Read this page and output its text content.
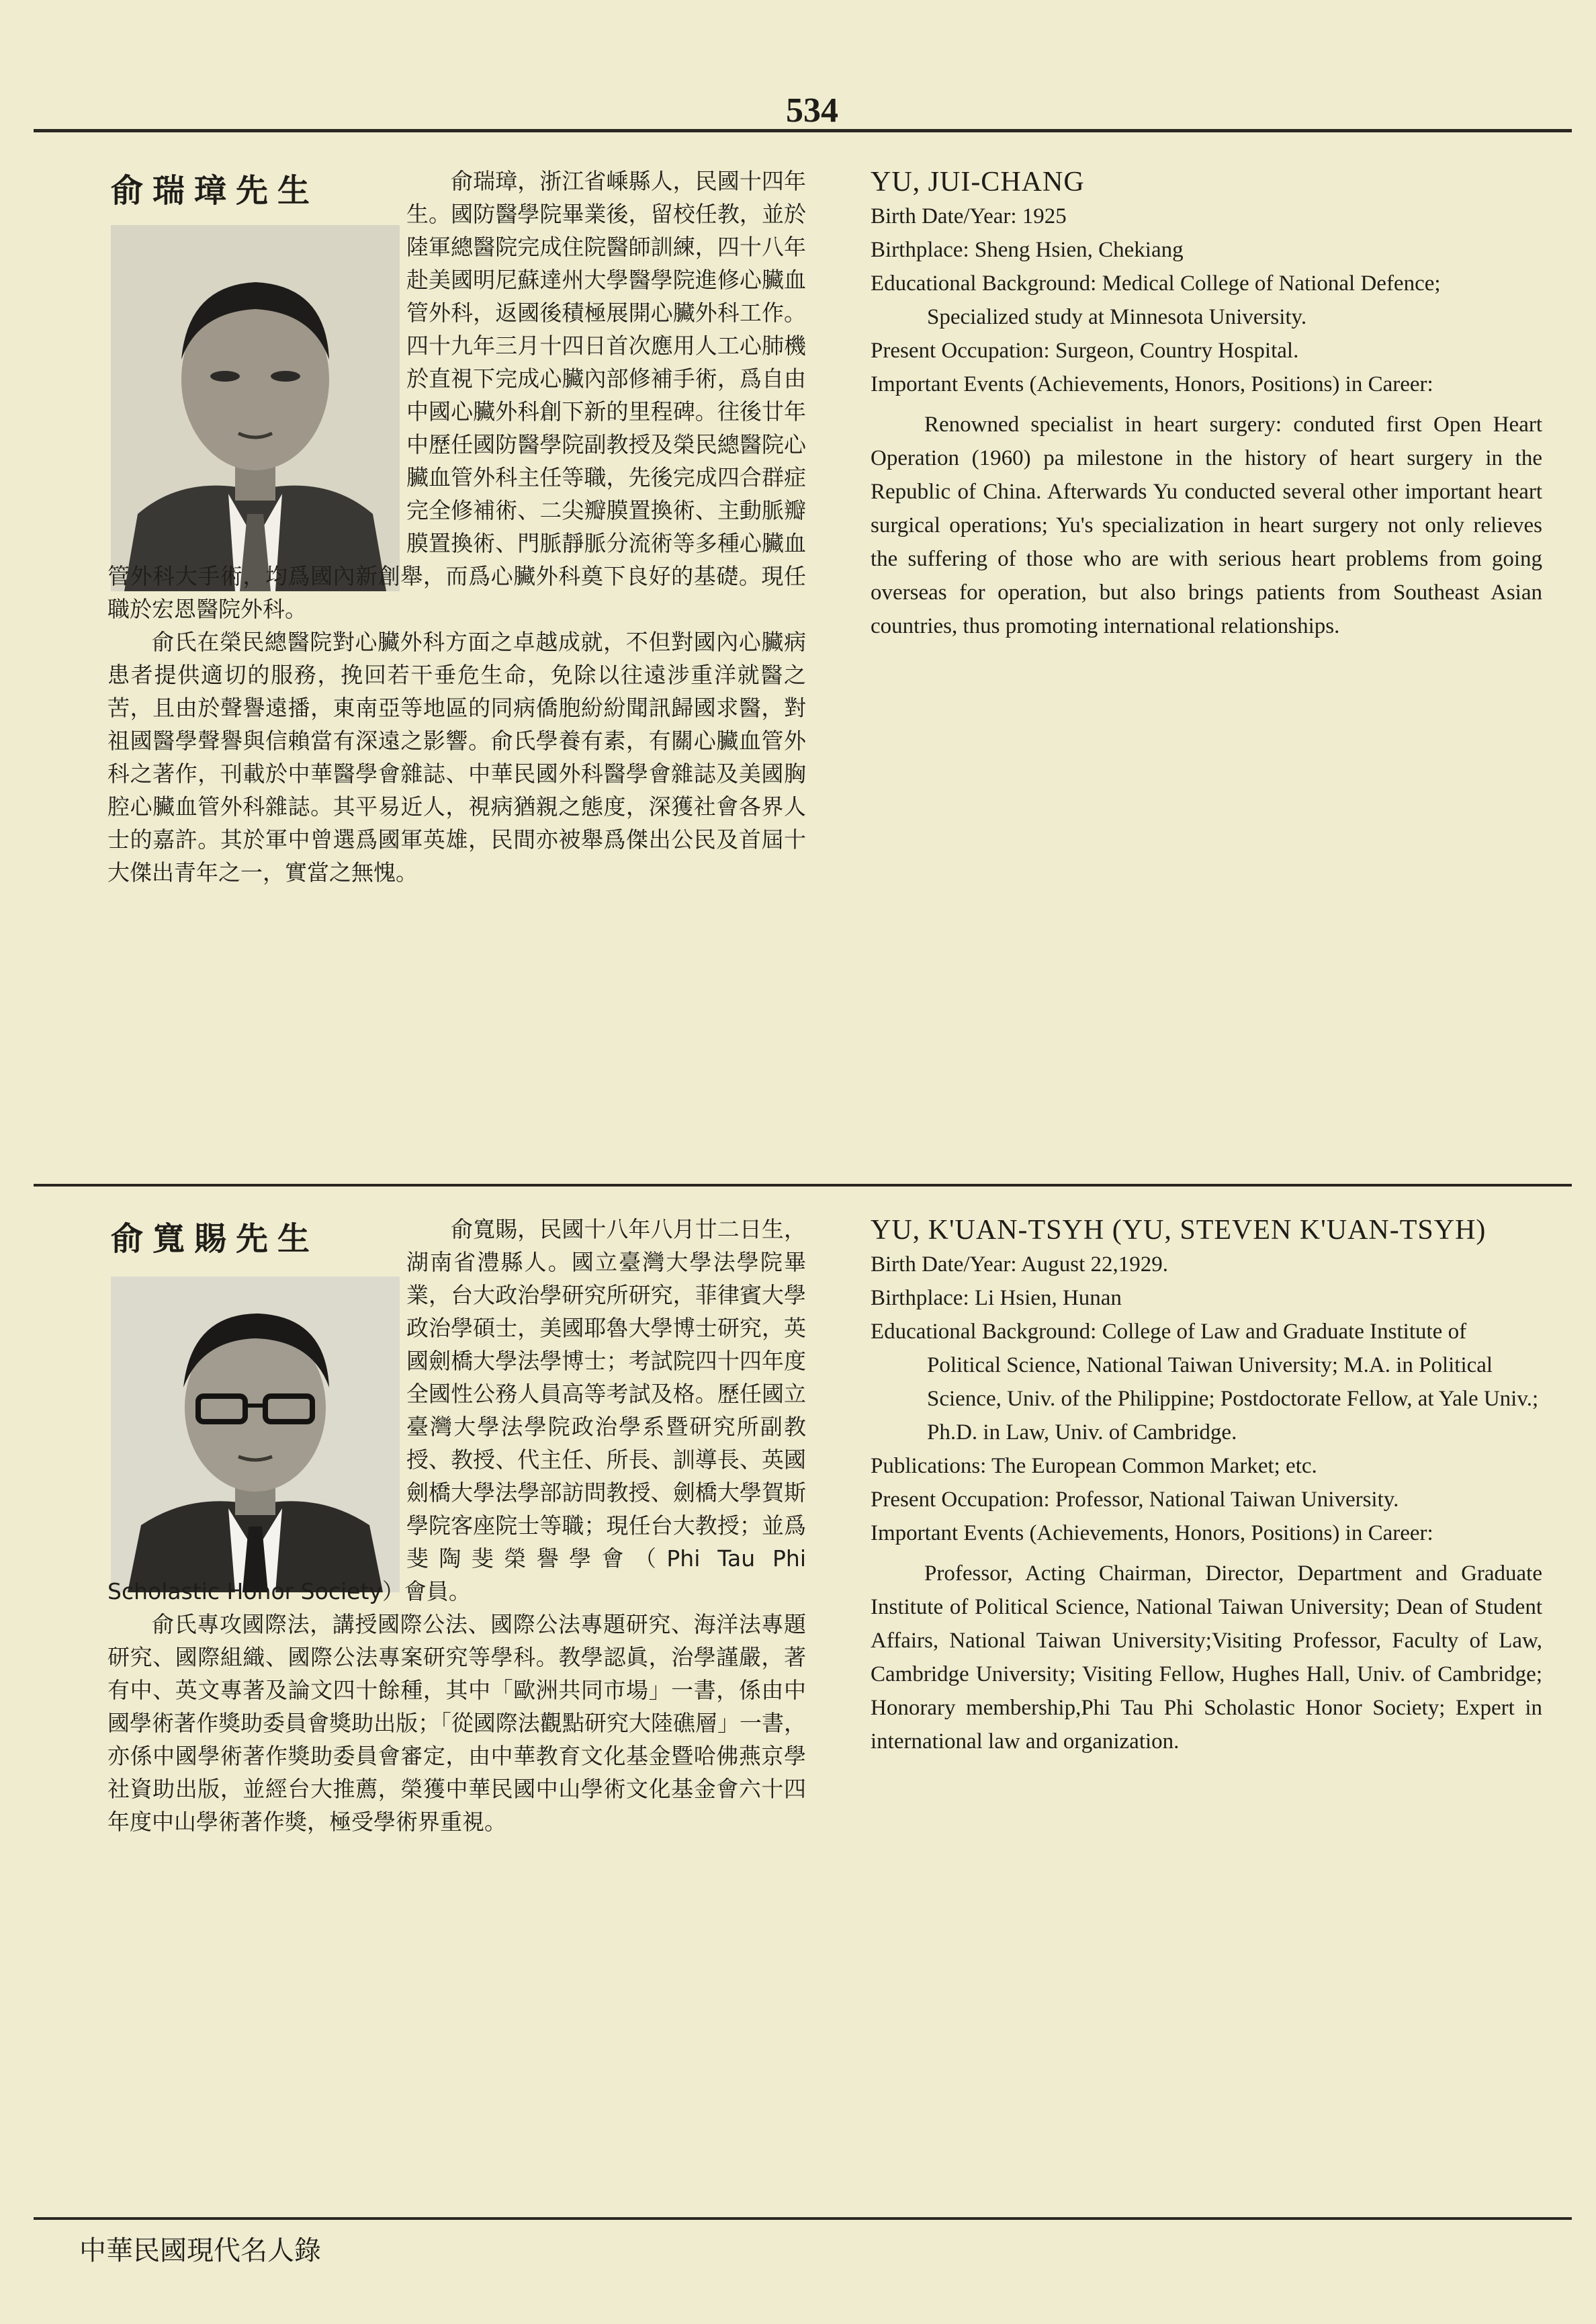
534
俞瑞璋先生	俞瑞璋，浙江省嵊縣人，民國十四年生。國防醫學院畢業後，留校任教，並於陸軍總醫院完成住院醫師訓練，四十八年赴美國明尼蘇達州大學醫學院進修心臟血管外科，返國後積極展開心臟外科工作。四十九年三月十四日首次應用人工心肺機於直視下完成心臟內部修補手術，爲自由中國心臟外科創下新的里程碑。往後廿年中歷任國防醫學院副教授及榮民總醫院心臟血管外科主任等職，先後完成四合群症完全修補術、二尖瓣膜置換術、主動脈瓣膜置換術、門脈靜脈分流術等多種心臟血管外科大手術，均爲國內新創舉，而爲心臟外科奠下良好的基礎。現任職於宏恩醫院外科。

俞氏在榮民總醫院對心臟外科方面之卓越成就，不但對國內心臟病患者提供適切的服務，挽回若干垂危生命，免除以往遠涉重洋就醫之苦，且由於聲譽遠播，東南亞等地區的同病僑胞紛紛聞訊歸國求醫，對祖國醫學聲譽與信賴當有深遠之影響。俞氏學養有素，有關心臟血管外科之著作，刊載於中華醫學會雜誌、中華民國外科醫學會雜誌及美國胸腔心臟血管外科雜誌。其平易近人，視病猶親之態度，深獲社會各界人士的嘉許。其於軍中曾選爲國軍英雄，民間亦被舉爲傑出公民及首屆十大傑出青年之一，實當之無愧。

YU, JUI-CHANG

Birth Date/Year: 1925

Birthplace: Sheng Hsien, Chekiang

Educational Background: Medical College of National Defence; Specialized study at Minnesota University.

Present Occupation: Surgeon, Country Hospital.

Important Events (Achievements, Honors, Positions) in Career:

Renowned specialist in heart surgery: conduted first Open Heart Operation (1960) pa milestone in the history of heart surgery in the Republic of China. Afterwards Yu conducted several other important heart surgical operations; Yu's specialization in heart surgery not only relieves the suffering of those who are with serious heart problems from going overseas for operation, but also brings patients from Southeast Asian countries, thus promoting international relationships.

俞寬賜先生	俞寬賜，民國十八年八月廿二日生，湖南省澧縣人。國立臺灣大學法學院畢業，台大政治學研究所研究，菲律賓大學政治學碩士，美國耶魯大學博士研究，英國劍橋大學法學博士；考試院四十四年度全國性公務人員高等考試及格。歷任國立臺灣大學法學院政治學系暨研究所副教授、教授、代主任、所長、訓導長、英國劍橋大學法學部訪問教授、劍橋大學賀斯學院客座院士等職；現任台大教授；並爲斐陶斐榮譽學會（Phi Tau Phi Scholastic Honor Society）會員。

俞氏專攻國際法，講授國際公法、國際公法專題研究、海洋法專題研究、國際組織、國際公法專案研究等學科。教學認眞，治學謹嚴，著有中、英文專著及論文四十餘種，其中「歐洲共同市場」一書，係由中國學術著作獎助委員會獎助出版；「從國際法觀點研究大陸礁層」一書，亦係中國學術著作獎助委員會審定，由中華教育文化基金暨哈佛燕京學社資助出版，並經台大推薦，榮獲中華民國中山學術文化基金會六十四年度中山學術著作獎，極受學術界重視。

YU, K'UAN-TSYH (YU, STEVEN K'UAN-TSYH)

Birth Date/Year: August 22,1929.

Birthplace: Li Hsien, Hunan

Educational Background: College of Law and Graduate Institute of Political Science, National Taiwan University; M.A. in Political Science, Univ. of the Philippine; Postdoctorate Fellow, at Yale Univ.; Ph.D. in Law, Univ. of Cambridge.

Publications: The European Common Market; etc.

Present Occupation: Professor, National Taiwan University.

Important Events (Achievements, Honors, Positions) in Career:

Professor, Acting Chairman, Director, Department and Graduate Institute of Political Science, National Taiwan University; Dean of Student Affairs, National Taiwan University;Visiting Professor, Faculty of Law, Cambridge University; Visiting Fellow, Hughes Hall, Univ. of Cambridge; Honorary membership,Phi Tau Phi Scholastic Honor Society; Expert in international law and organization.

中華民國現代名人錄
